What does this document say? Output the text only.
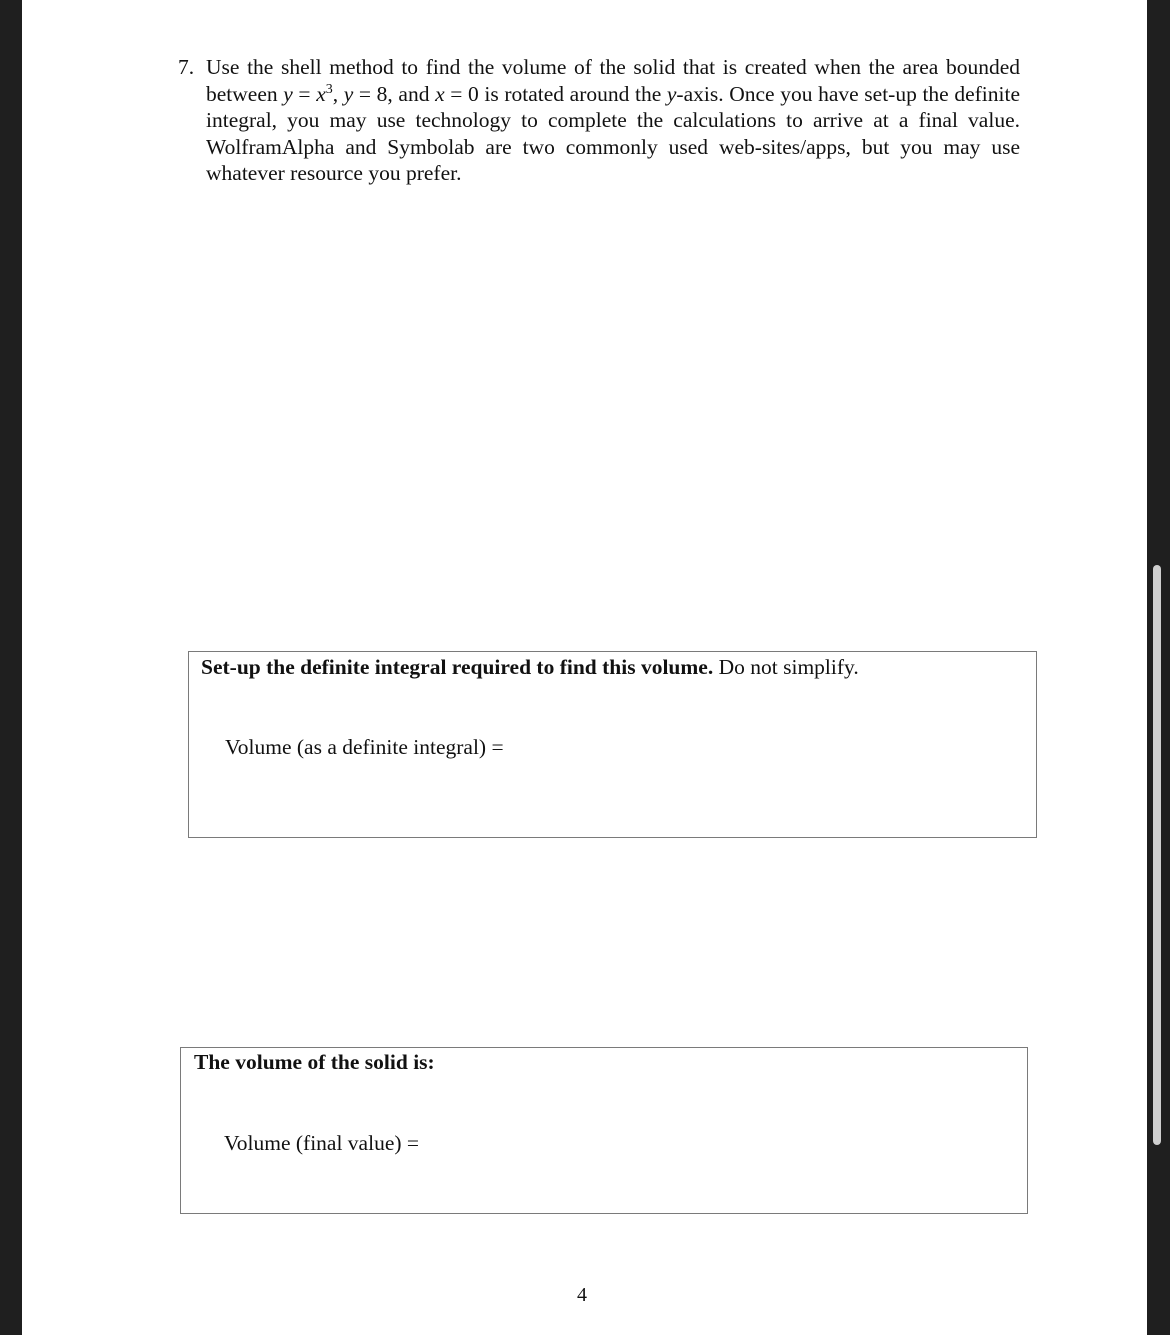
7. Use the shell method to find the volume of the solid that is created when the area bounded between $y = x^3$, y = 8, and x = 0 is rotated around the y-axis. Once you have set-up the definite integral, you may use technology to complete the calculations to arrive at a final value. WolframAlpha and Symbolab are two commonly used web-sites/apps, but you may use whatever resource you prefer.
Set-up the definite integral required to find this volume. Do not simplify.
Volume (as a definite integral) =
The volume of the solid is:
Volume (final value) =
4
